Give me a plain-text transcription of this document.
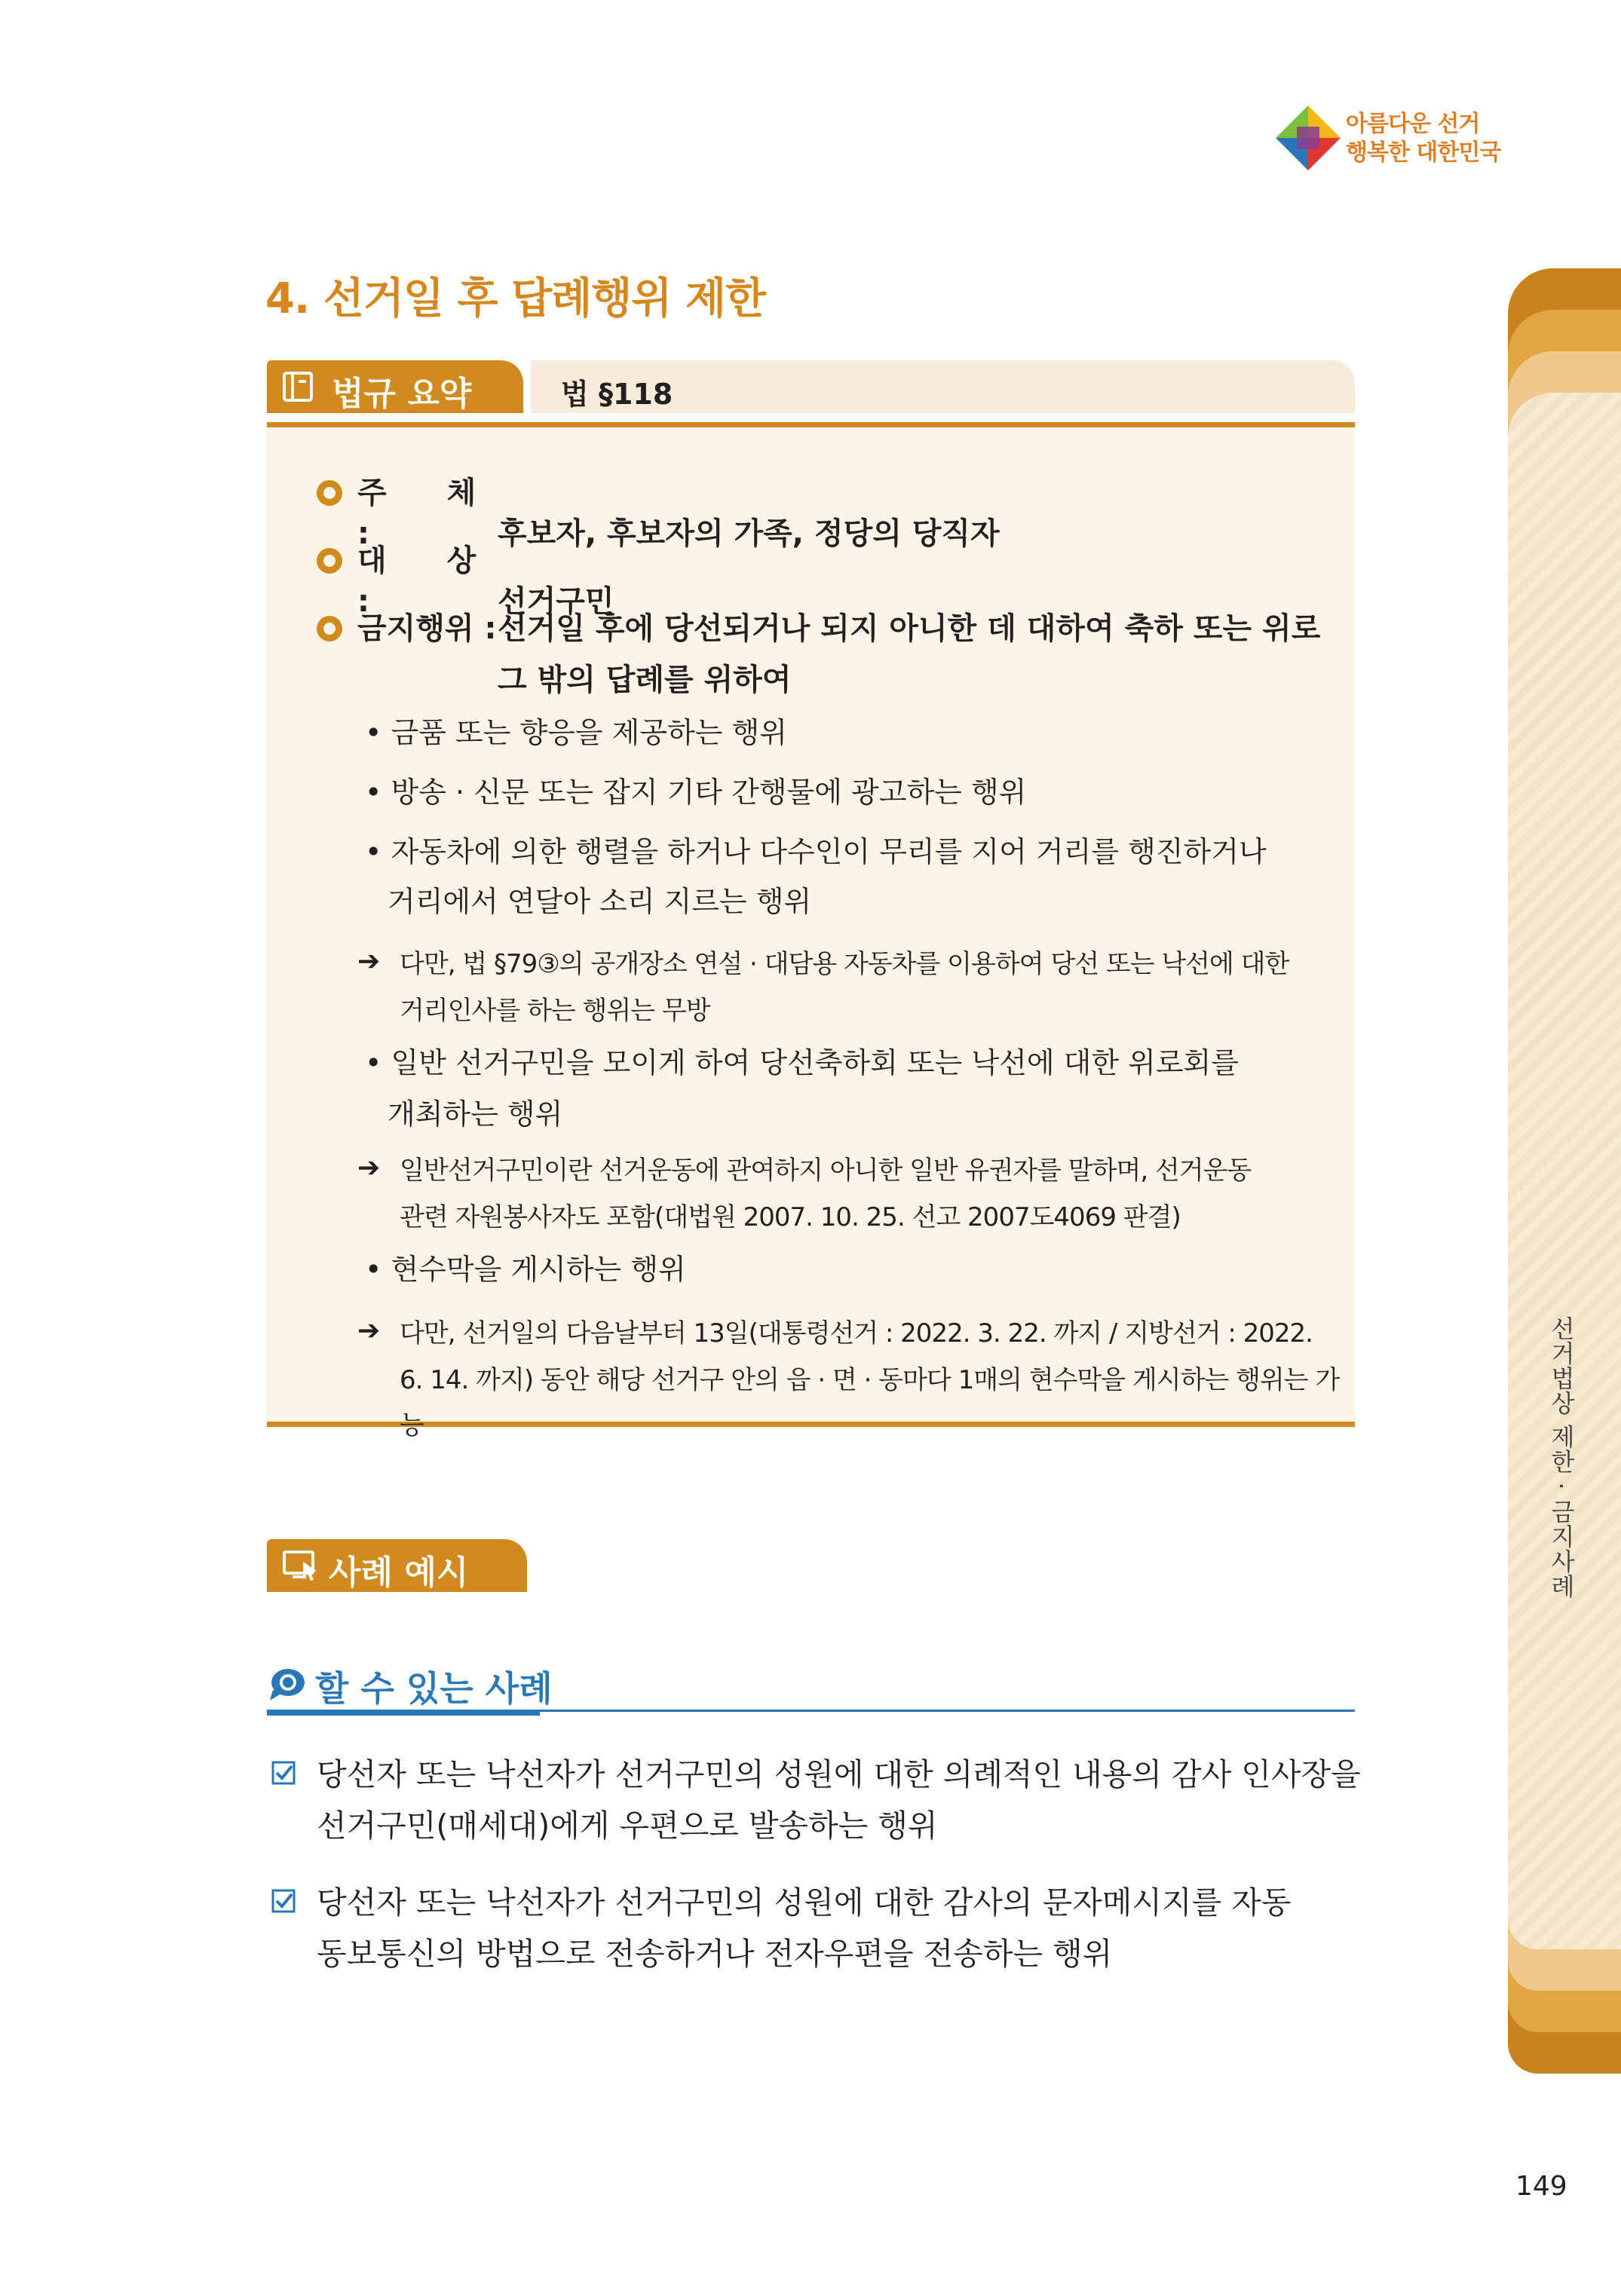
아름다운 선거
행복한 대한민국
선거법상 제한 · 금지사례
4. 선거일 후 답례행위 제한
법규 요약	법 §118
주　　체 :	후보자, 후보자의 가족, 정당의 당직자
대　　상 :	선거구민
금지행위 :선거일 후에 당선되거나 되지 아니한 데 대하여 축하 또는 위로
그 밖의 답례를 위하여
• 금품 또는 향응을 제공하는 행위
• 방송 · 신문 또는 잡지 기타 간행물에 광고하는 행위
• 자동차에 의한 행렬을 하거나 다수인이 무리를 지어 거리를 행진하거나
거리에서 연달아 소리 지르는 행위
➔ 다만, 법 §79③의 공개장소 연설 · 대담용 자동차를 이용하여 당선 또는 낙선에 대한
거리인사를 하는 행위는 무방
• 일반 선거구민을 모이게 하여 당선축하회 또는 낙선에 대한 위로회를
개최하는 행위
➔ 일반선거구민이란 선거운동에 관여하지 아니한 일반 유권자를 말하며, 선거운동
관련 자원봉사자도 포함(대법원 2007. 10. 25. 선고 2007도4069 판결)
• 현수막을 게시하는 행위
➔ 다만, 선거일의 다음날부터 13일(대통령선거 : 2022. 3. 22. 까지 / 지방선거 : 2022.
6. 14. 까지) 동안 해당 선거구 안의 읍 · 면 · 동마다 1매의 현수막을 게시하는 행위는 가능
사례 예시
할 수 있는 사례
당선자 또는 낙선자가 선거구민의 성원에 대한 의례적인 내용의 감사 인사장을
선거구민(매세대)에게 우편으로 발송하는 행위
당선자 또는 낙선자가 선거구민의 성원에 대한 감사의 문자메시지를 자동
동보통신의 방법으로 전송하거나 전자우편을 전송하는 행위
149
